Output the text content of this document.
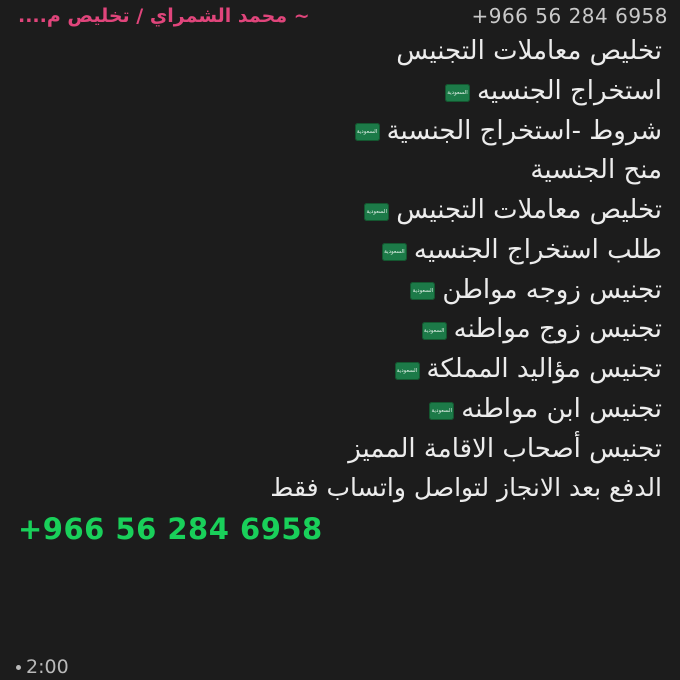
~ محمد الشمراي / تخليص م....	+966 56 284 6958
تخليص معاملات التجنيس
استخراج الجنسيه
السعودية
شروط -استخراج الجنسية
السعودية
منح الجنسية
تخليص معاملات التجنيس
السعودية
طلب استخراج الجنسيه
السعودية
تجنيس زوجه مواطن
السعودية
تجنيس زوج مواطنه
السعودية
تجنيس مؤاليد المملكة
السعودية
تجنيس ابن مواطنه
السعودية
تجنيس أصحاب الاقامة المميز
الدفع بعد الانجاز لتواصل واتساب فقط
+966 56 284 6958
2:00
